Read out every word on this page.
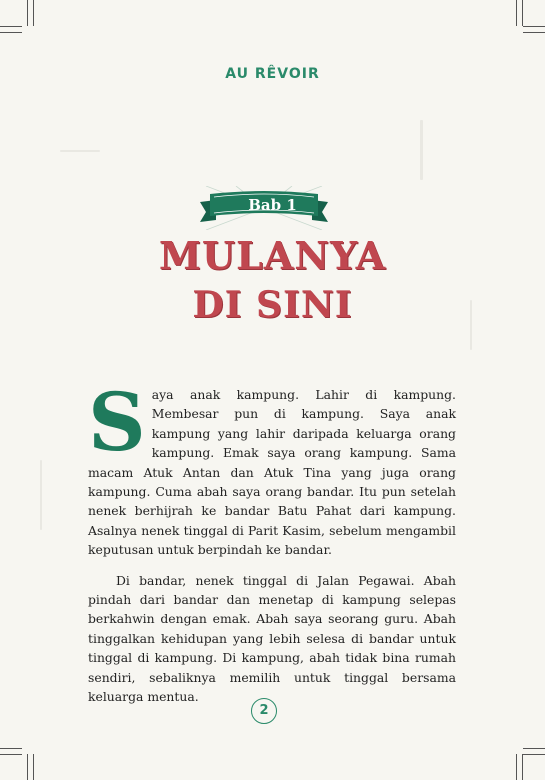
AU RÊVOIR
Bab 1
MULANYA
DI SINI

Saya anak kampung. Lahir di kampung. Membesar pun di kampung. Saya anak kampung yang lahir daripada keluarga orang kampung. Emak saya orang kampung. Sama macam Atuk Antan dan Atuk Tina yang juga orang kampung. Cuma abah saya orang bandar. Itu pun setelah nenek berhijrah ke bandar Batu Pahat dari kampung. Asalnya nenek tinggal di Parit Kasim, sebelum mengambil keputusan untuk berpindah ke bandar.

Di bandar, nenek tinggal di Jalan Pegawai. Abah pindah dari bandar dan menetap di kampung selepas berkahwin dengan emak. Abah saya seorang guru. Abah tinggalkan kehidupan yang lebih selesa di bandar untuk tinggal di kampung. Di kampung, abah tidak bina rumah sendiri, sebaliknya memilih untuk tinggal bersama keluarga mentua.

2
